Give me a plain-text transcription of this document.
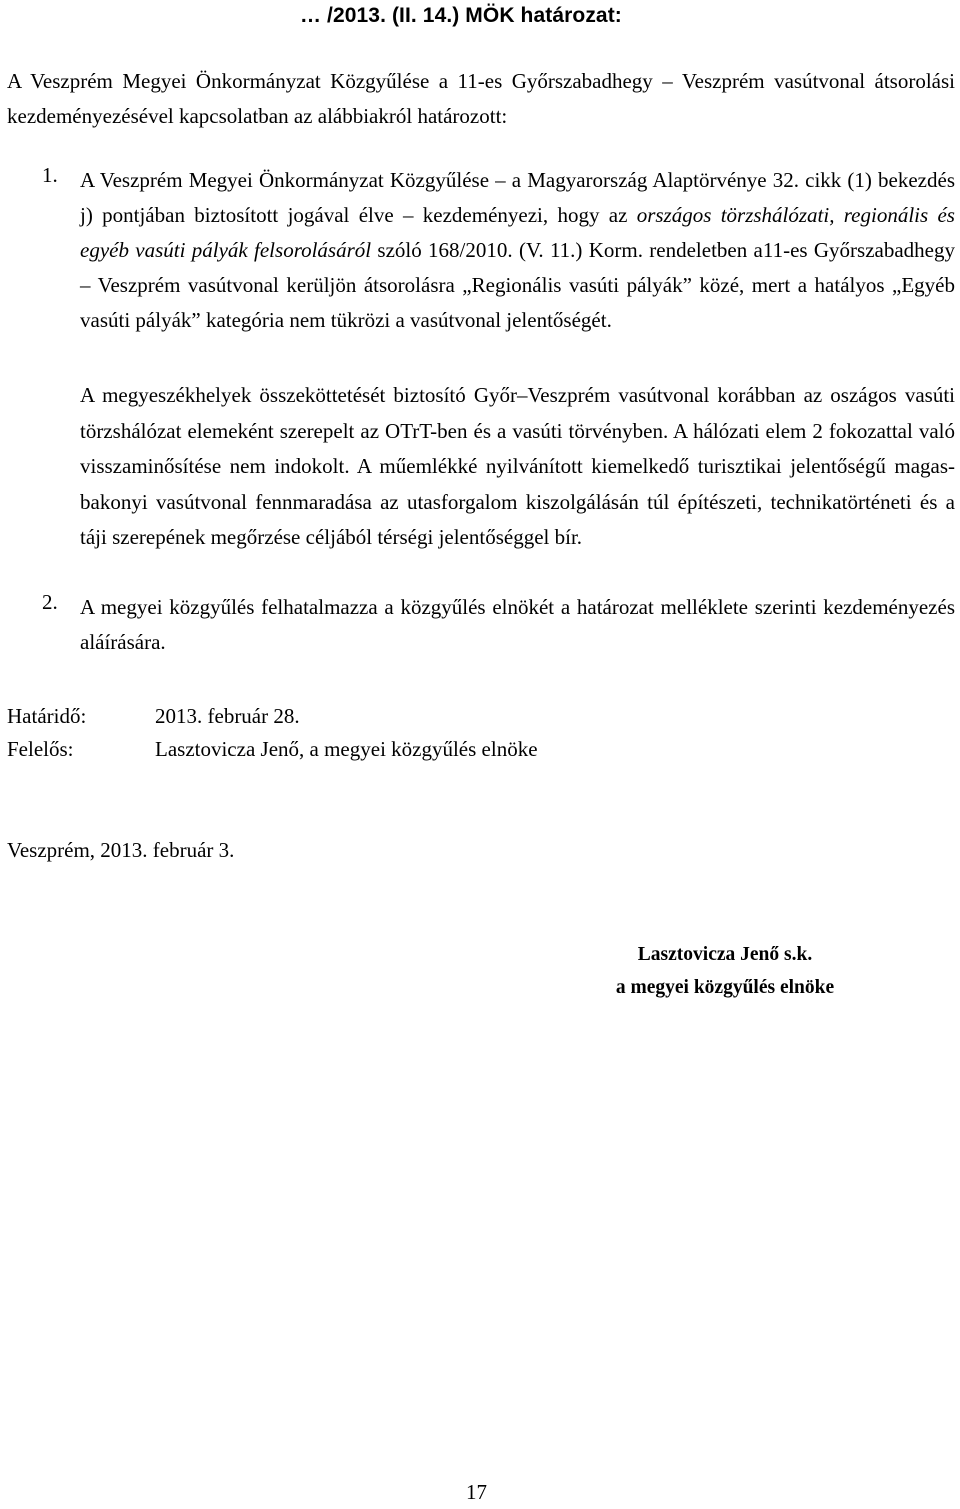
… /2013. (II. 14.) MÖK határozat:
A Veszprém Megyei Önkormányzat Közgyűlése a 11-es Győrszabadhegy – Veszprém vasútvonal átsorolási kezdeményezésével kapcsolatban az alábbiakról határozott:
1. A Veszprém Megyei Önkormányzat Közgyűlése – a Magyarország Alaptörvénye 32. cikk (1) bekezdés j) pontjában biztosított jogával élve – kezdeményezi, hogy az országos törzshálózati, regionális és egyéb vasúti pályák felsorolásáról szóló 168/2010. (V. 11.) Korm. rendeletben a11-es Győrszabadhegy – Veszprém vasútvonal kerüljön átsorolásra „Regionális vasúti pályák” közé, mert a hatályos „Egyéb vasúti pályák” kategória nem tükrözi a vasútvonal jelentőségét.
A megyeszékhelyek összeköttetését biztosító Győr–Veszprém vasútvonal korábban az oszágos vasúti törzshálózat elemeként szerepelt az OTrT-ben és a vasúti törvényben. A hálózati elem 2 fokozattal való visszaminősítése nem indokolt. A műemlékké nyilvánított kiemelkedő turisztikai jelentőségű magas-bakonyi vasútvonal fennmaradása az utasforgalom kiszolgálásán túl építészeti, technikatörténeti és a táji szerepének megőrzése céljából térségi jelentőséggel bír.
2. A megyei közgyűlés felhatalmazza a közgyűlés elnökét a határozat melléklete szerinti kezdeményezés aláírására.
Határidő:	2013. február 28.
Felelős:	Lasztovicza Jenő, a megyei közgyűlés elnöke
Veszprém, 2013. február 3.
Lasztovicza Jenő s.k.
a megyei közgyűlés elnöke
17
